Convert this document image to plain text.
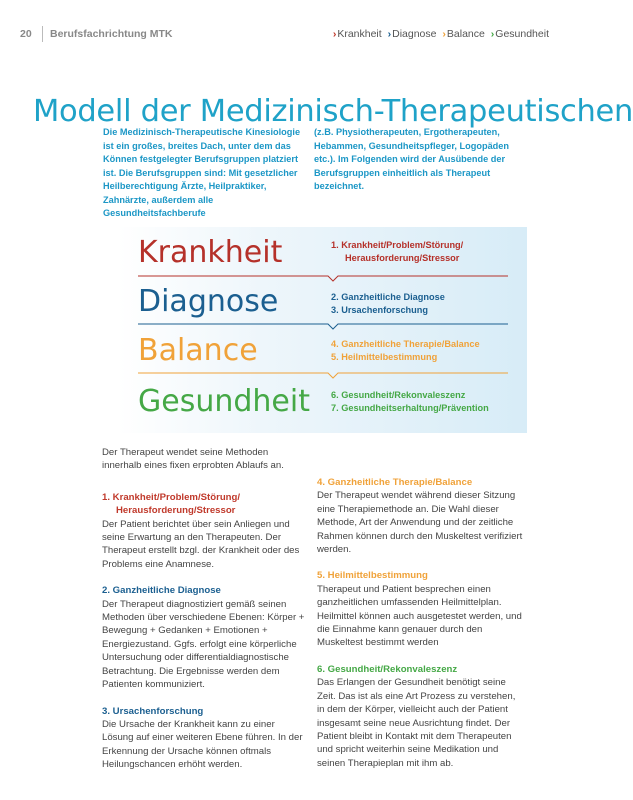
20 Berufsfachrichtung MTK	›Krankheit ›Diagnose ›Balance ›Gesundheit
Modell der Medizinisch-Therapeutischen
Die Medizinisch-Therapeutische Kinesiologie ist ein großes, breites Dach, unter dem das Können festgelegter Berufsgruppen platziert ist. Die Berufsgruppen sind: Mit gesetzlicher Heilberechtigung Ärzte, Heilpraktiker, Zahnärzte, außerdem alle Gesundheitsfachberufe
(z.B. Physiotherapeuten, Ergotherapeuten, Hebammen, Gesundheitspfleger, Logopäden etc.). Im Folgenden wird der Ausübende der Berufsgruppen einheitlich als Therapeut bezeichnet.
Krankheit	1. Krankheit/Problem/Störung/
Herausforderung/Stressor
Diagnose	2. Ganzheitliche Diagnose
3. Ursachenforschung
Balance	4. Ganzheitliche Therapie/Balance
5. Heilmittelbestimmung
Gesundheit 6. Gesundheit/Rekonvaleszenz
7. Gesundheitserhaltung/Prävention

Der Therapeut wendet seine Methoden innerhalb eines fixen erprobten Ablaufs an.

1. Krankheit/Problem/Störung/

Herausforderung/Stressor

Der Patient berichtet über sein Anliegen und seine Erwartung an den Therapeuten. Der Therapeut erstellt bzgl. der Krankheit oder des Problems eine Anamnese.

2. Ganzheitliche Diagnose

Der Therapeut diagnostiziert gemäß seinen Methoden über verschiedene Ebenen: Körper + Bewegung + Gedanken + Emotionen + Energiezustand. Ggfs. erfolgt eine körperliche Untersuchung oder differentialdiagnostische Betrachtung. Die Ergebnisse werden dem Patienten kommuniziert.

3. Ursachenforschung

Die Ursache der Krankheit kann zu einer Lösung auf einer weiteren Ebene führen. In der Erkennung der Ursache können oftmals Heilungschancen erhöht werden.

4. Ganzheitliche Therapie/Balance

Der Therapeut wendet während dieser Sitzung eine Therapiemethode an. Die Wahl dieser Methode, Art der Anwendung und der zeitliche Rahmen können durch den Muskeltest verifiziert werden.

5. Heilmittelbestimmung

Therapeut und Patient besprechen einen ganzheitlichen umfassenden Heilmittelplan. Heilmittel können auch ausgetestet werden, und die Einnahme kann genauer durch den Muskeltest bestimmt werden

6. Gesundheit/Rekonvaleszenz

Das Erlangen der Gesundheit benötigt seine Zeit. Das ist als eine Art Prozess zu verstehen, in dem der Körper, vielleicht auch der Patient insgesamt seine neue Ausrichtung findet. Der Patient bleibt in Kontakt mit dem Therapeuten und spricht weiterhin seine Medikation und seinen Therapieplan mit ihm ab.
